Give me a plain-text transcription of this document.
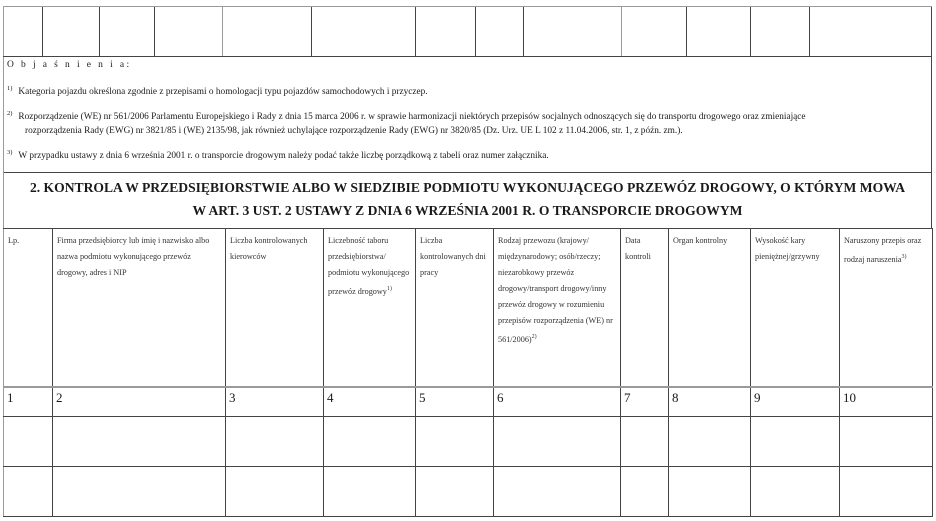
O b j a ś n i e n i a:
$^{1)}$ Kategoria pojazdu określona zgodnie z przepisami o homologacji typu pojazdów samochodowych i przyczep.
$^{2)}$ Rozporządzenie (WE) nr 561/2006 Parlamentu Europejskiego i Rady z dnia 15 marca 2006 r. w sprawie harmonizacji niektórych przepisów socjalnych odnoszących się do transportu drogowego oraz zmieniające
rozporządzenia Rady (EWG) nr 3821/85 i (WE) 2135/98, jak również uchylające rozporządzenie Rady (EWG) nr 3820/85 (Dz. Urz. UE L 102 z 11.04.2006, str. 1, z późn. zm.).
$^{3)}$ W przypadku ustawy z dnia 6 września 2001 r. o transporcie drogowym należy podać także liczbę porządkową z tabeli oraz numer załącznika.
2. KONTROLA W PRZEDSIĘBIORSTWIE ALBO W SIEDZIBIE PODMIOTU WYKONUJĄCEGO PRZEWÓZ DROGOWY, O KTÓRYM MOWA
W ART. 3 UST. 2 USTAWY Z DNIA 6 WRZEŚNIA 2001 R. O TRANSPORCIE DROGOWYM
Lp.	Firma przedsiębiorcy lub imię i nazwisko albo nazwa podmiotu wykonującego przewóz drogowy, adres i NIP	Liczba kontrolowanych kierowców	Liczebność taboru przedsiębiorstwa/ podmiotu wykonującego przewóz drogowy$^{1)}$	Liczba kontrolowanych dni pracy	Rodzaj przewozu (krajowy/ międzynarodowy; osób/rzeczy; niezarobkowy przewóz drogowy/transport drogowy/inny przewóz drogowy w rozumieniu przepisów rozporządzenia (WE) nr 561/2006)$^{2)}$	Data kontroli	Organ kontrolny	Wysokość kary pieniężnej/grzywny	Naruszony przepis oraz rodzaj naruszenia$^{3)}$
1	2	3	4	5	6	7	8	9	10
